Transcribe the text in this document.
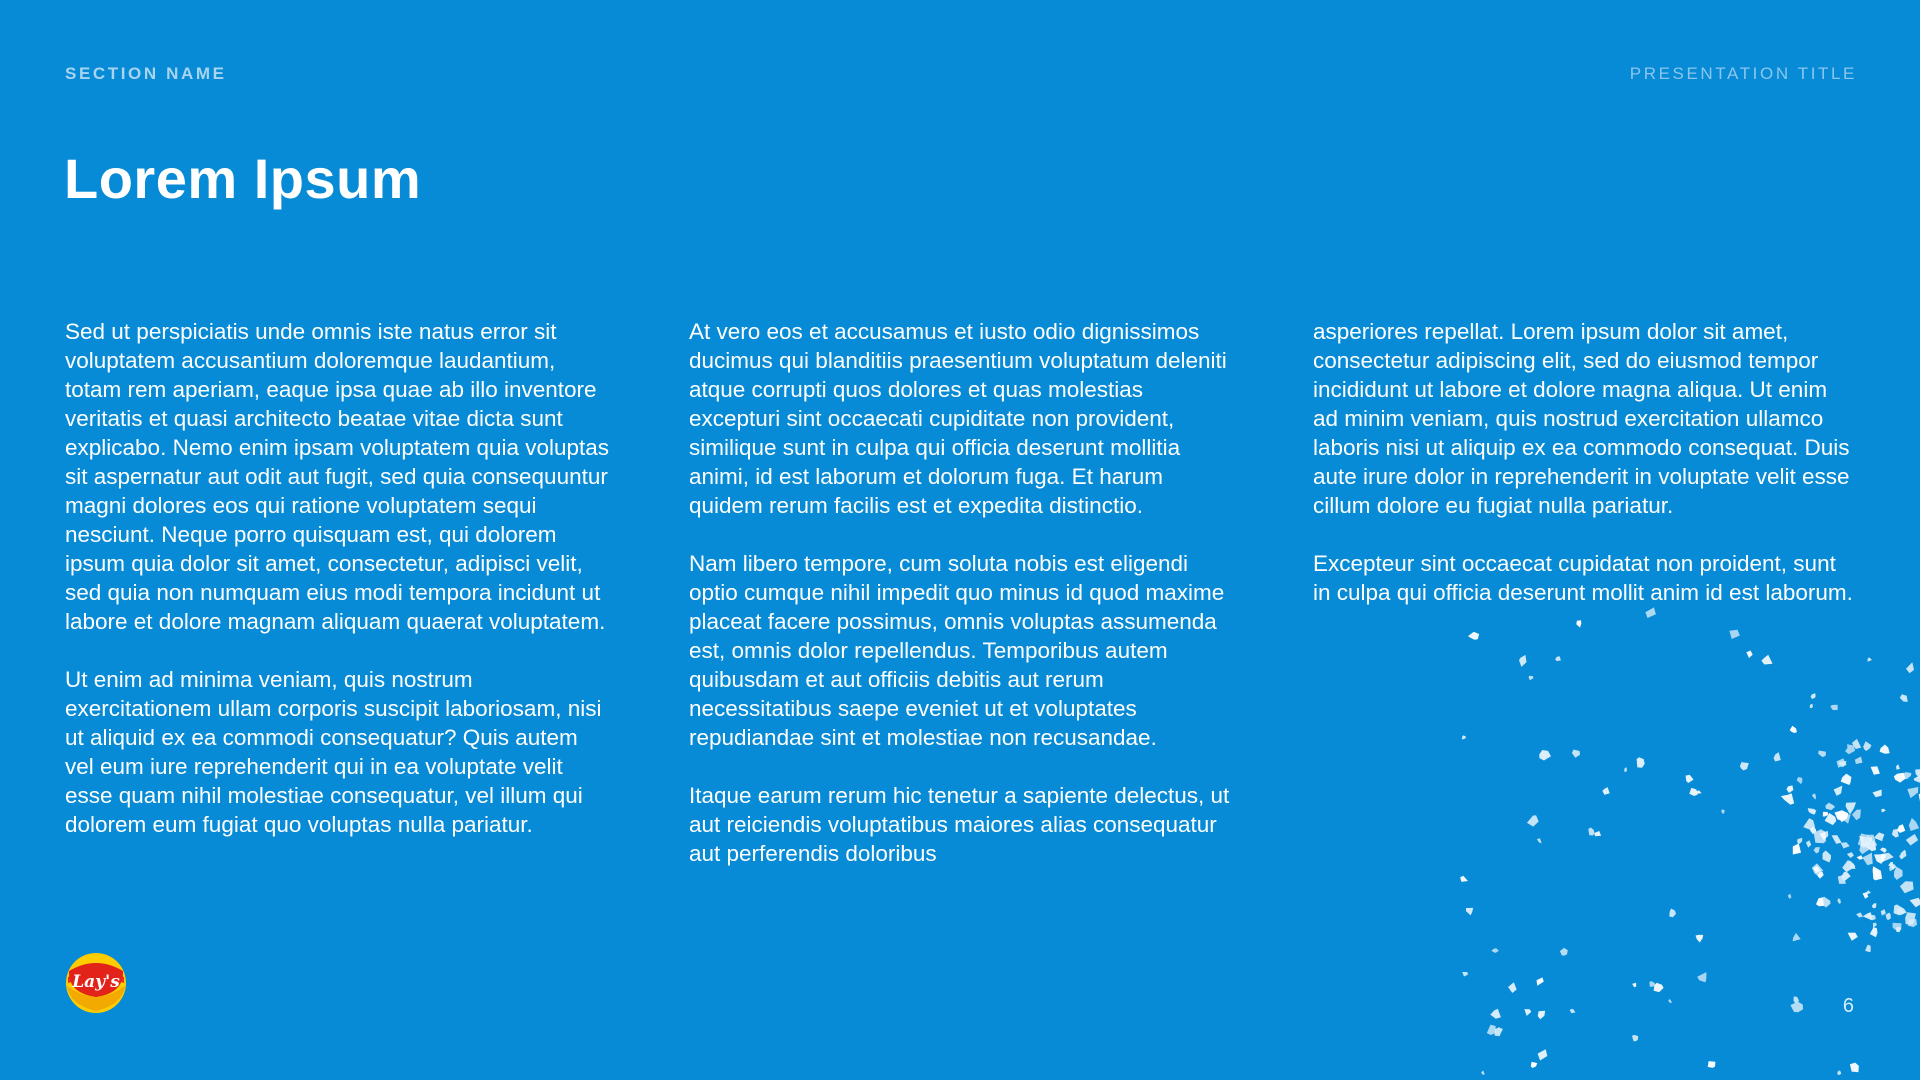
SECTION NAME	PRESENTATION TITLE
Lorem Ipsum

Sed ut perspiciatis unde omnis iste natus error sit voluptatem accusantium doloremque laudantium, totam rem aperiam, eaque ipsa quae ab illo inventore veritatis et quasi architecto beatae vitae dicta sunt explicabo. Nemo enim ipsam voluptatem quia voluptas sit aspernatur aut odit aut fugit, sed quia consequuntur magni dolores eos qui ratione voluptatem sequi nesciunt. Neque porro quisquam est, qui dolorem ipsum quia dolor sit amet, consectetur, adipisci velit, sed quia non numquam eius modi tempora incidunt ut labore et dolore magnam aliquam quaerat voluptatem.

Ut enim ad minima veniam, quis nostrum exercitationem ullam corporis suscipit laboriosam, nisi ut aliquid ex ea commodi consequatur? Quis autem vel eum iure reprehenderit qui in ea voluptate velit esse quam nihil molestiae consequatur, vel illum qui dolorem eum fugiat quo voluptas nulla pariatur.

At vero eos et accusamus et iusto odio dignissimos ducimus qui blanditiis praesentium voluptatum deleniti atque corrupti quos dolores et quas molestias excepturi sint occaecati cupiditate non provident, similique sunt in culpa qui officia deserunt mollitia animi, id est laborum et dolorum fuga. Et harum quidem rerum facilis est et expedita distinctio.

Nam libero tempore, cum soluta nobis est eligendi optio cumque nihil impedit quo minus id quod maxime placeat facere possimus, omnis voluptas assumenda est, omnis dolor repellendus. Temporibus autem quibusdam et aut officiis debitis aut rerum necessitatibus saepe eveniet ut et voluptates repudiandae sint et molestiae non recusandae.

Itaque earum rerum hic tenetur a sapiente delectus, ut aut reiciendis voluptatibus maiores alias consequatur aut perferendis doloribus

asperiores repellat. Lorem ipsum dolor sit amet, consectetur adipiscing elit, sed do eiusmod tempor incididunt ut labore et dolore magna aliqua. Ut enim ad minim veniam, quis nostrud exercitation ullamco laboris nisi ut aliquip ex ea commodo consequat. Duis aute irure dolor in reprehenderit in voluptate velit esse cillum dolore eu fugiat nulla pariatur.

Excepteur sint occaecat cupidatat non proident, sunt in culpa qui officia deserunt mollit anim id est laborum.

Lay's
6
